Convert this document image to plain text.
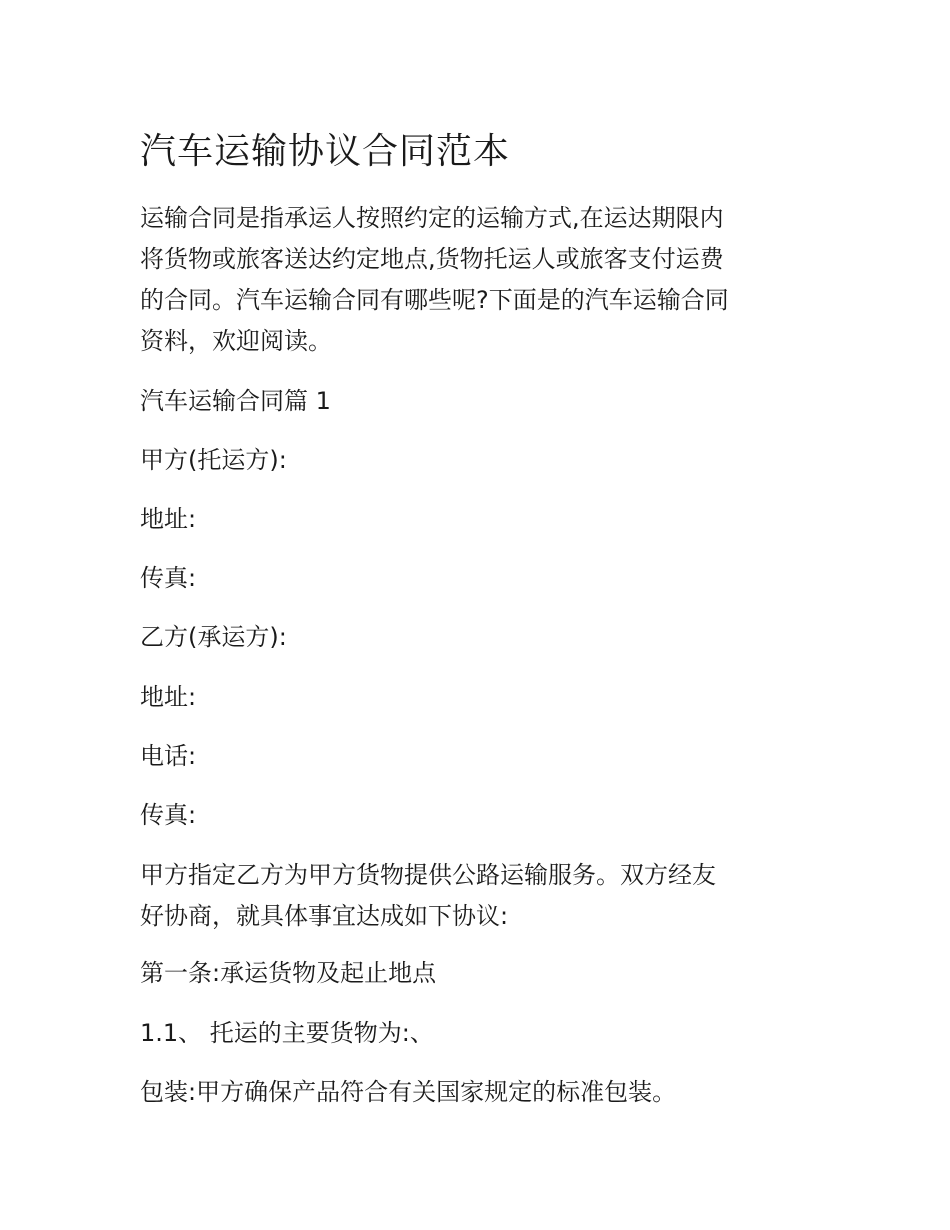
汽车运输协议合同范本

运输合同是指承运人按照约定的运输方式,在运达期限内
将货物或旅客送达约定地点,货物托运人或旅客支付运费
的合同。汽车运输合同有哪些呢?下面是的汽车运输合同
资料，欢迎阅读。

汽车运输合同篇 1

甲方(托运方):

地址:

传真:

乙方(承运方):

地址:

电话:

传真:

甲方指定乙方为甲方货物提供公路运输服务。双方经友
好协商，就具体事宜达成如下协议:

第一条:承运货物及起止地点

1.1、 托运的主要货物为:、

包装:甲方确保产品符合有关国家规定的标准包装。
